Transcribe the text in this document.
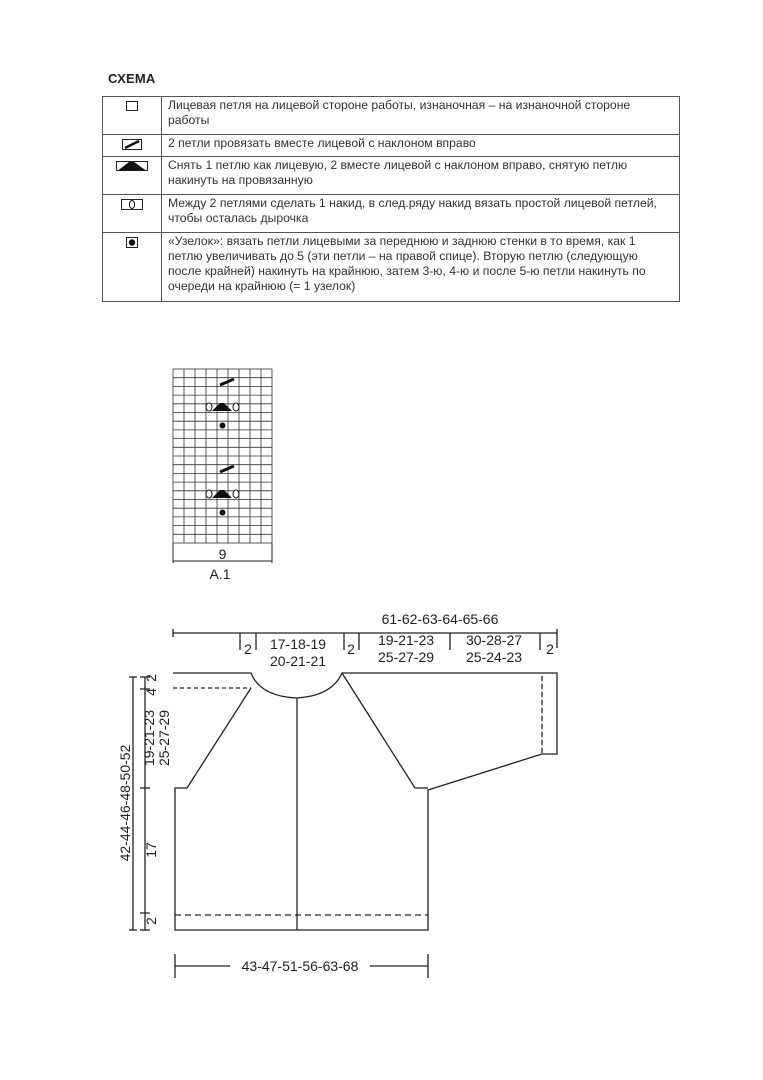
СХЕМА
	Лицевая петля на лицевой стороне работы, изнаночная – на изнаночной стороне работы

	2 петли провязать вместе лицевой с наклоном вправо

	Снять 1 петлю как лицевую, 2 вместе лицевой с наклоном вправо, снятую петлю накинуть на провязанную

	Между 2 петлями сделать 1 накид, в след.ряду накид вязать простой лицевой петлей, чтобы осталась дырочка

	«Узелок»: вязать петли лицевыми за переднюю и заднюю стенки в то время, как 1 петлю увеличивать до 5 (эти петли – на правой спице). Вторую петлю (следующую после крайней) накинуть на крайнюю, затем 3-ю, 4-ю и после 5-ю петли накинуть по очереди на крайнюю (= 1 узелок)
9
A.1
61-62-63-64-65-66
2 17-18-19
20-21-21
2
19-21-23
25-27-29
30-28-27
25-24-23 2
42-44-46-48-50-52
4
2
19-21-23 25-27-29
17
2
43-47-51-56-63-68
